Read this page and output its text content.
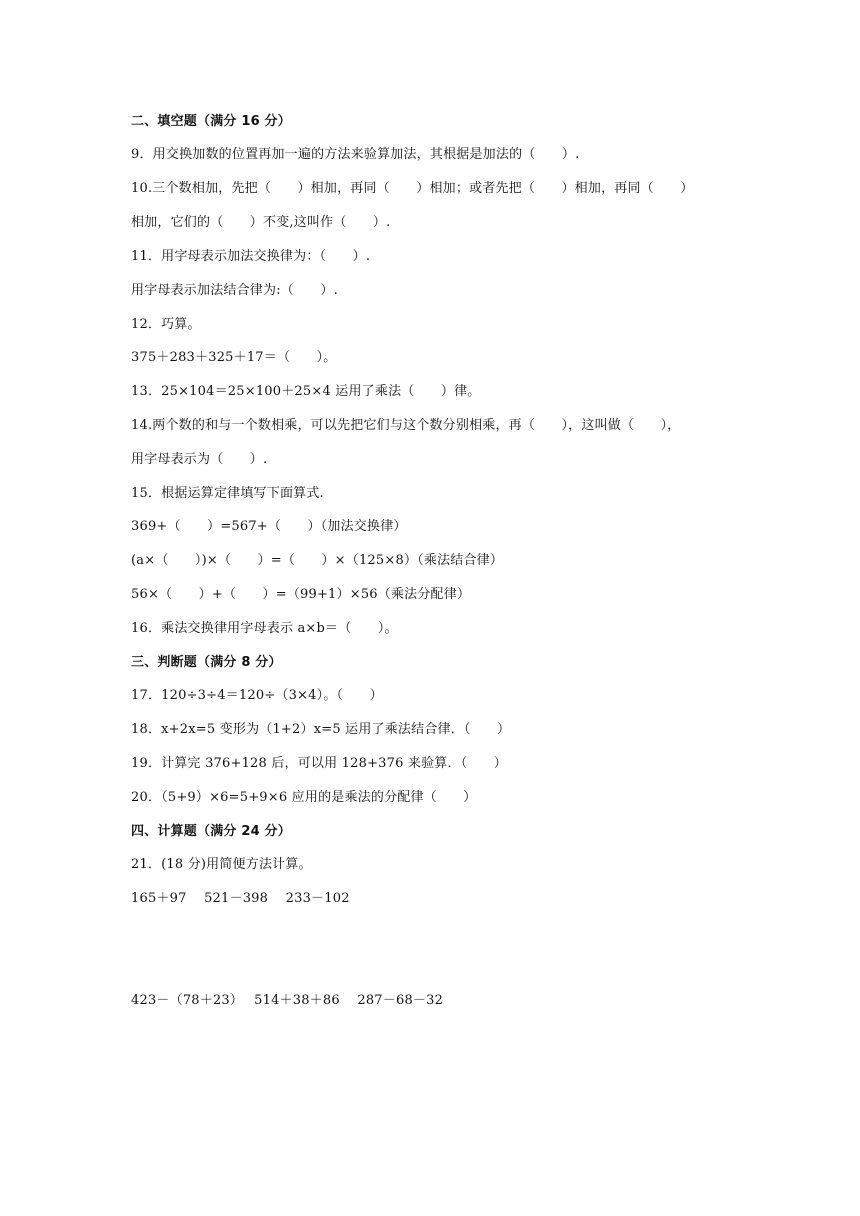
二、填空题（满分 16 分）
9．用交换加数的位置再加一遍的方法来验算加法，其根据是加法的（　　）.
10.三个数相加，先把（　　）相加，再同（　　）相加；或者先把（　　）相加，再同（　　）
相加，它们的（　　）不变,这叫作（　　）.
11．用字母表示加法交换律为：（　　）.
用字母表示加法结合律为:（　　）.
12．巧算。
375＋283＋325＋17＝（　　）。
13．25×104＝25×100＋25×4 运用了乘法（　　）律。
14.两个数的和与一个数相乘，可以先把它们与这个数分别相乘，再（　　），这叫做（　　），
用字母表示为（　　）.
15．根据运算定律填写下面算式.
369+（　　）=567+（　　）（加法交换律）
(a×（　　）)×（　　）=（　　）×（125×8）（乘法结合律）
56×（　　）+（　　）=（99+1）×56（乘法分配律）
16．乘法交换律用字母表示 a×b＝（　　）。
三、判断题（满分 8 分）
17．120÷3÷4＝120÷（3×4）。（　　）
18．x+2x=5 变形为（1+2）x=5 运用了乘法结合律．（　　）
19．计算完 376+128 后，可以用 128+376 来验算．（　　）
20．（5+9）×6=5+9×6 应用的是乘法的分配律（　　）
四、计算题（满分 24 分）
21．(18 分)用简便方法计算。
165＋97　 521－398　 233－102
423－（78＋23）　 514＋38＋86　 287－68－32
